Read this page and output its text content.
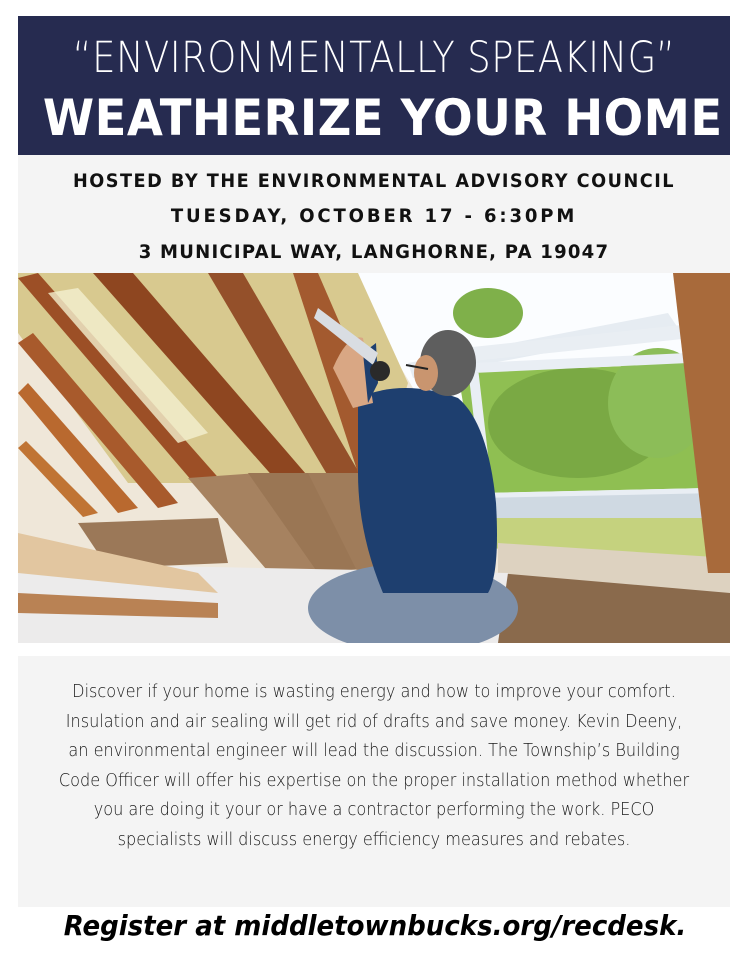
“ENVIRONMENTALLY SPEAKING”
WEATHERIZE YOUR HOME
HOSTED BY THE ENVIRONMENTAL ADVISORY COUNCIL
TUESDAY, OCTOBER 17 - 6:30PM
3 MUNICIPAL WAY, LANGHORNE, PA 19047

Discover if your home is wasting energy and how to improve your comfort. Insulation and air sealing will get rid of drafts and save money. Kevin Deeny, an environmental engineer will lead the discussion. The Township’s Building Code Officer will offer his expertise on the proper installation method whether you are doing it your or have a contractor performing the work. PECO specialists will discuss energy efficiency measures and rebates.

Register at middletownbucks.org/recdesk.
